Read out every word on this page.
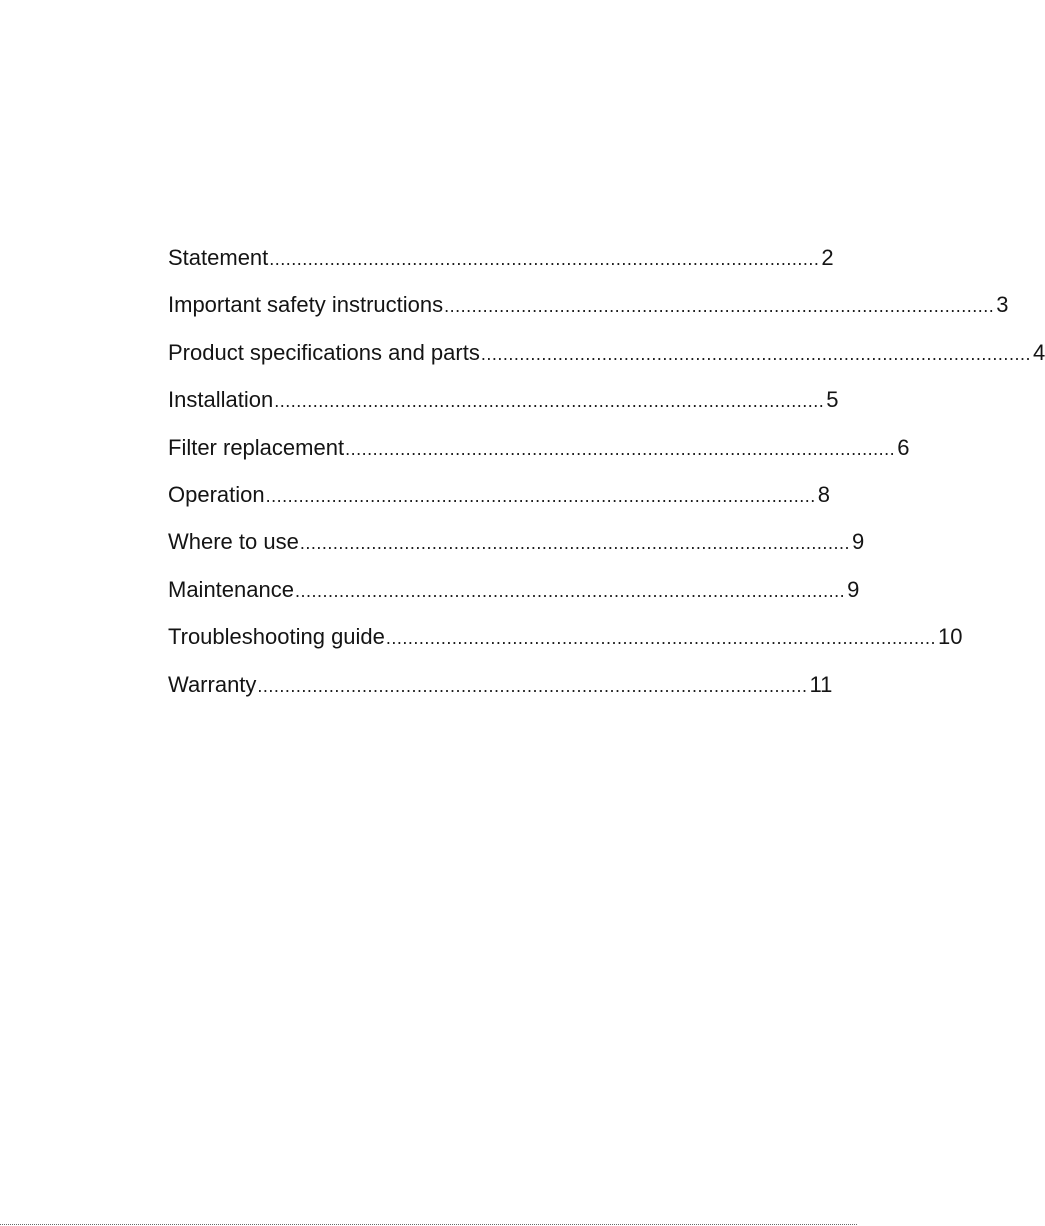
Statement .................................................................................................... 2
Important safety instructions .................................................................................................... 3
Product specifications and parts .................................................................................................... 4
Installation .................................................................................................... 5
Filter replacement .................................................................................................... 6
Operation .................................................................................................... 8
Where to use .................................................................................................... 9
Maintenance .................................................................................................... 9
Troubleshooting guide .................................................................................................... 10
Warranty .................................................................................................... 11
